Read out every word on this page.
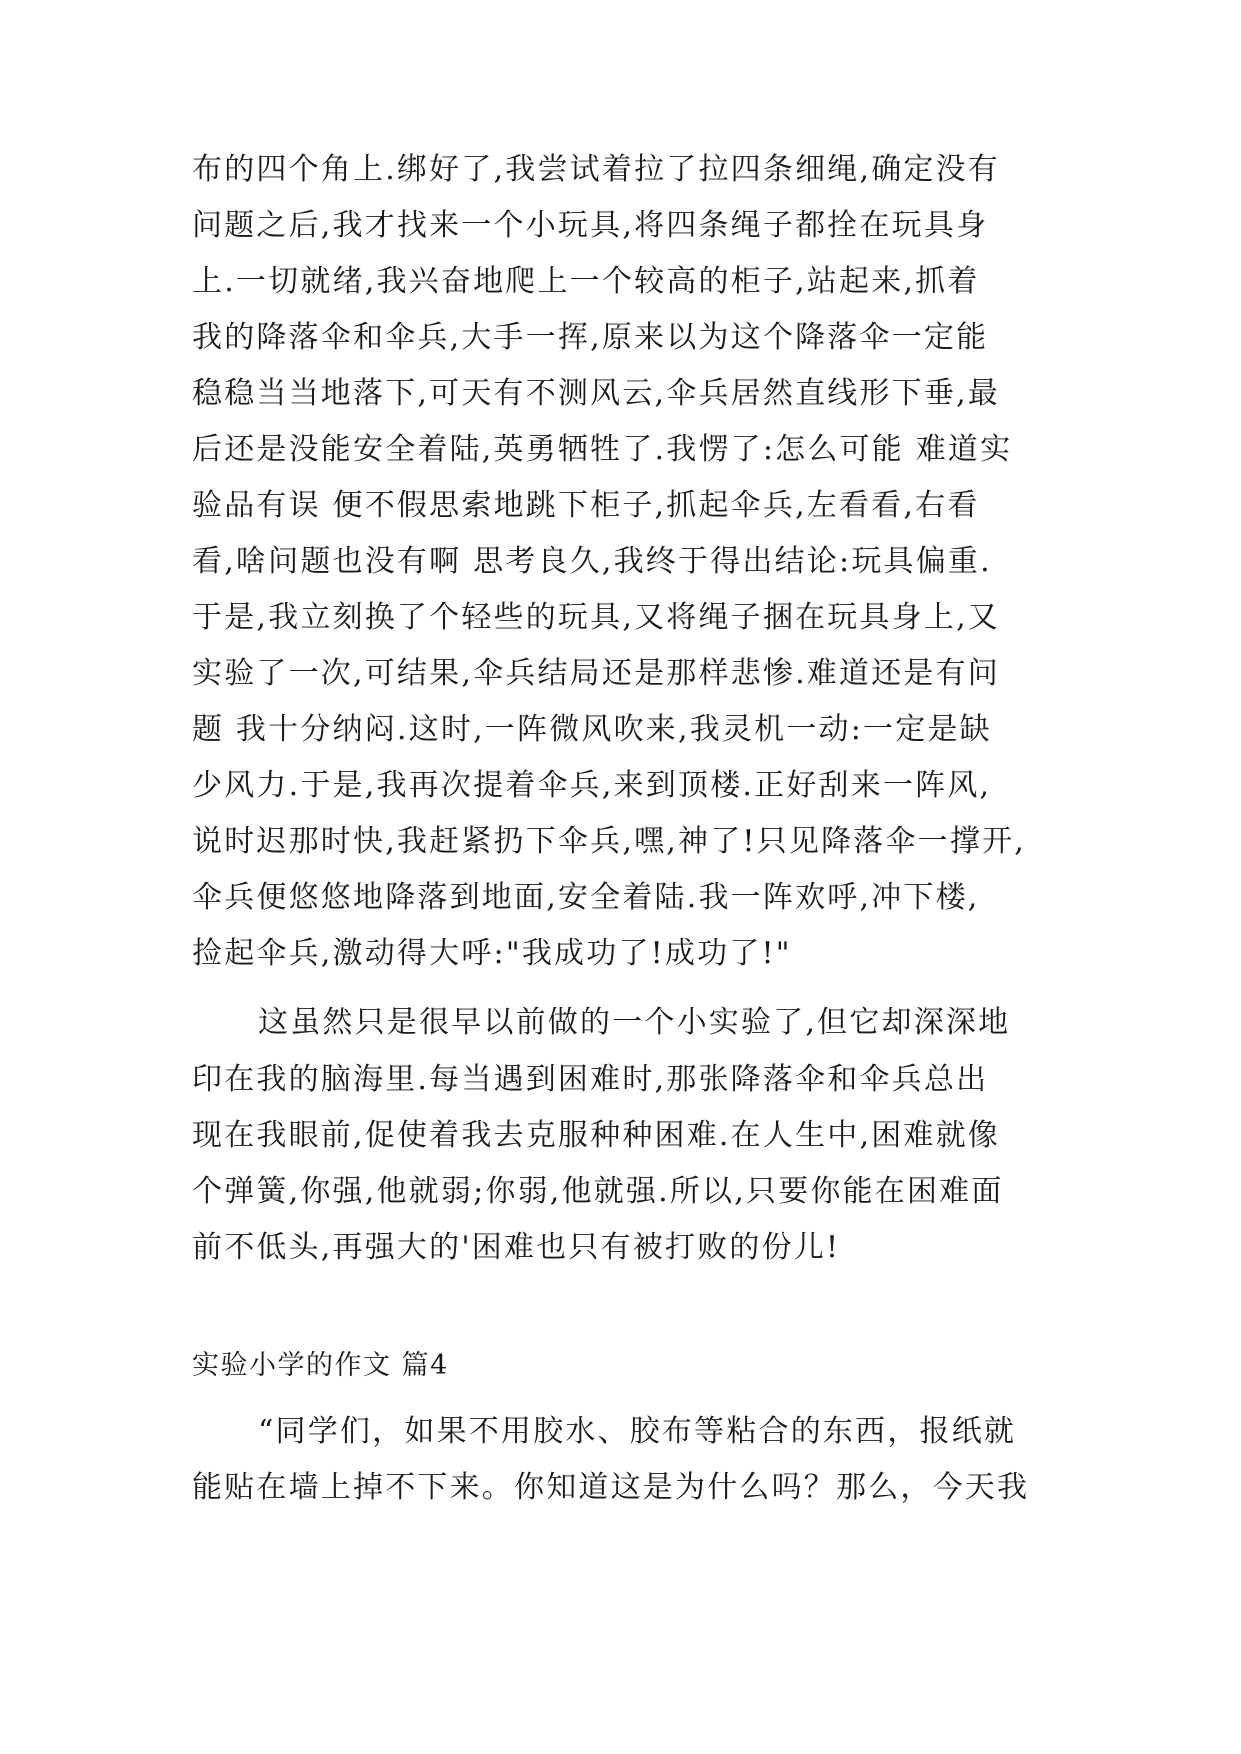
布的四个角上.绑好了,我尝试着拉了拉四条细绳,确定没有
问题之后,我才找来一个小玩具,将四条绳子都拴在玩具身
上.一切就绪,我兴奋地爬上一个较高的柜子,站起来,抓着
我的降落伞和伞兵,大手一挥,原来以为这个降落伞一定能
稳稳当当地落下,可天有不测风云,伞兵居然直线形下垂,最
后还是没能安全着陆,英勇牺牲了.我愣了:怎么可能 难道实
验品有误 便不假思索地跳下柜子,抓起伞兵,左看看,右看
看,啥问题也没有啊 思考良久,我终于得出结论:玩具偏重.
于是,我立刻换了个轻些的玩具,又将绳子捆在玩具身上,又
实验了一次,可结果,伞兵结局还是那样悲惨.难道还是有问
题 我十分纳闷.这时,一阵微风吹来,我灵机一动:一定是缺
少风力.于是,我再次提着伞兵,来到顶楼.正好刮来一阵风,
说时迟那时快,我赶紧扔下伞兵,嘿,神了!只见降落伞一撑开,
伞兵便悠悠地降落到地面,安全着陆.我一阵欢呼,冲下楼,
捡起伞兵,激动得大呼:"我成功了!成功了!"
这虽然只是很早以前做的一个小实验了,但它却深深地
印在我的脑海里.每当遇到困难时,那张降落伞和伞兵总出
现在我眼前,促使着我去克服种种困难.在人生中,困难就像
个弹簧,你强,他就弱;你弱,他就强.所以,只要你能在困难面
前不低头,再强大的'困难也只有被打败的份儿!
实验小学的作文 篇4
“同学们，如果不用胶水、胶布等粘合的东西，报纸就
能贴在墙上掉不下来。你知道这是为什么吗？那么，今天我
